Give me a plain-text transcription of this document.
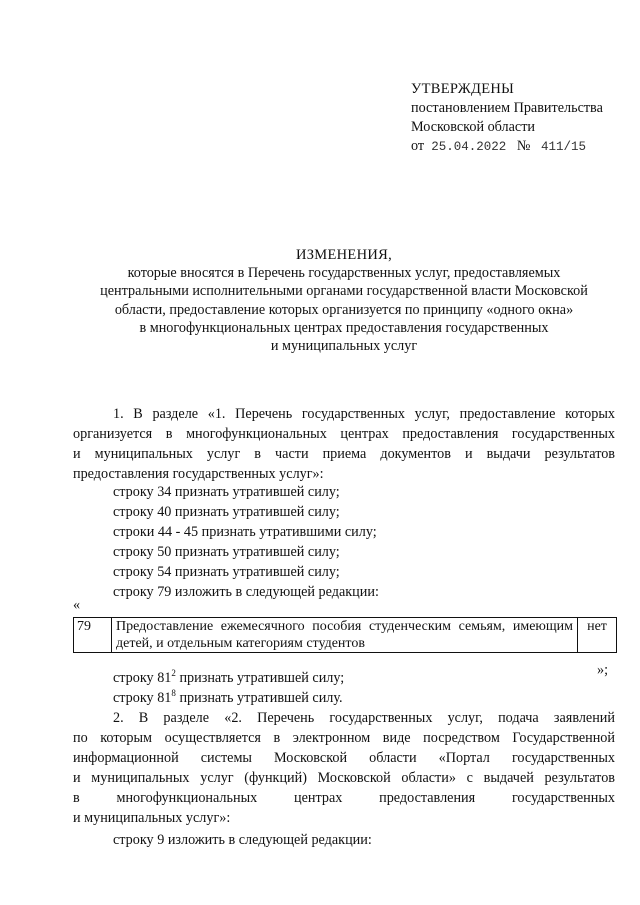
УТВЕРЖДЕНЫ
постановлением Правительства
Московской области
от 25.04.2022 № 411/15
ИЗМЕНЕНИЯ,
которые вносятся в Перечень государственных услуг, предоставляемых
центральными исполнительными органами государственной власти Московской
области, предоставление которых организуется по принципу «одного окна»
в многофункциональных центрах предоставления государственных
и муниципальных услуг
1. В разделе «1. Перечень государственных услуг, предоставление которых
организуется в многофункциональных центрах предоставления государственных
и муниципальных услуг в части приема документов и выдачи результатов
предоставления государственных услуг»:
строку 34 признать утратившей силу;
строку 40 признать утратившей силу;
строки 44 - 45 признать утратившими силу;
строку 50 признать утратившей силу;
строку 54 признать утратившей силу;
строку 79 изложить в следующей редакции:
«
79	Предоставление ежемесячного пособия студенческим семьям, имеющим детей, и отдельным категориям студентов	нет
»;
строку $81^2$ признать утратившей силу;
строку $81^8$ признать утратившей силу.
2. В разделе «2. Перечень государственных услуг, подача заявлений
по которым осуществляется в электронном виде посредством Государственной
информационной системы Московской области «Портал государственных
и муниципальных услуг (функций) Московской области» с выдачей результатов
в многофункциональных центрах предоставления государственных
и муниципальных услуг»:
строку 9 изложить в следующей редакции:
